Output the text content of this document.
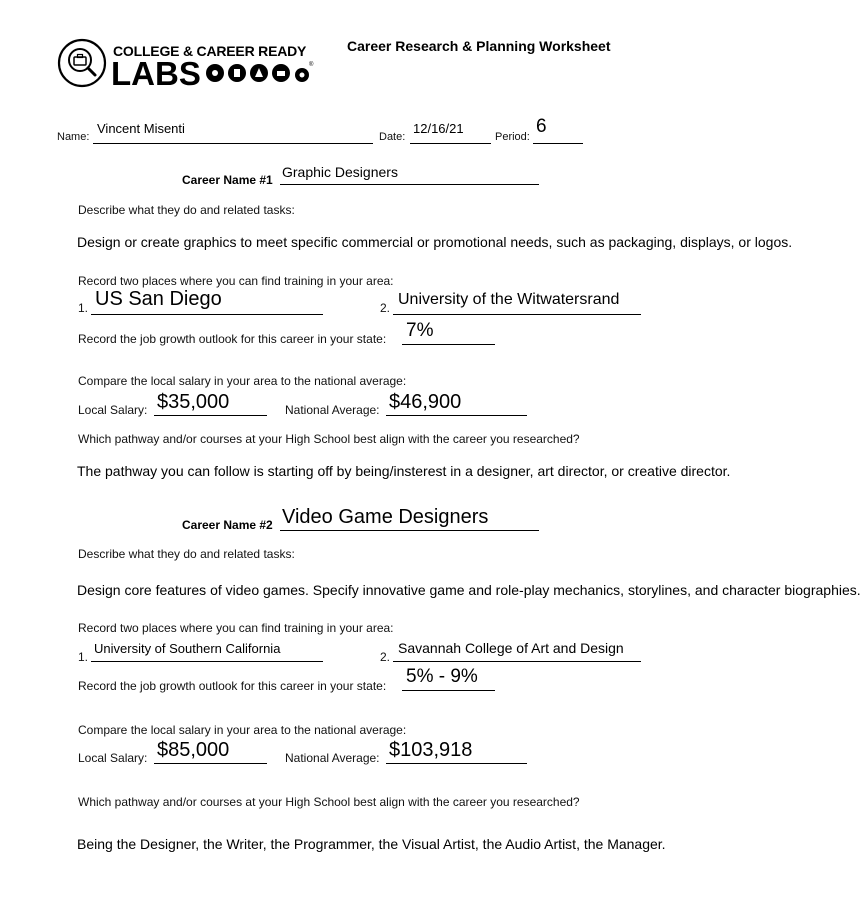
COLLEGE & CAREER READY
LABS	®
Career Research & Planning Worksheet
Name:
Vincent Misenti
Date:
12/16/21
Period: 6
Career Name #1 Graphic Designers
Describe what they do and related tasks:
Design or create graphics to meet specific commercial or promotional needs, such as packaging, displays, or logos.
Record two places where you can find training in your area:
1. US San Diego	2. University of the Witwatersrand
Record the job growth outlook for this career in your state: 7%
Compare the local salary in your area to the national average:
Local Salary: $35,000	National Average: $46,900
Which pathway and/or courses at your High School best align with the career you researched?
The pathway you can follow is starting off by being/insterest in a designer, art director, or creative director.
Career Name #2 Video Game Designers
Describe what they do and related tasks:
Design core features of video games. Specify innovative game and role-play mechanics, storylines, and character biographies.
Record two places where you can find training in your area:
1.
University of Southern California
2.
Savannah College of Art and Design
Record the job growth outlook for this career in your state: 5% - 9%
Compare the local salary in your area to the national average:
Local Salary: $85,000	National Average: $103,918
Which pathway and/or courses at your High School best align with the career you researched?
Being the Designer, the Writer, the Programmer, the Visual Artist, the Audio Artist, the Manager.
